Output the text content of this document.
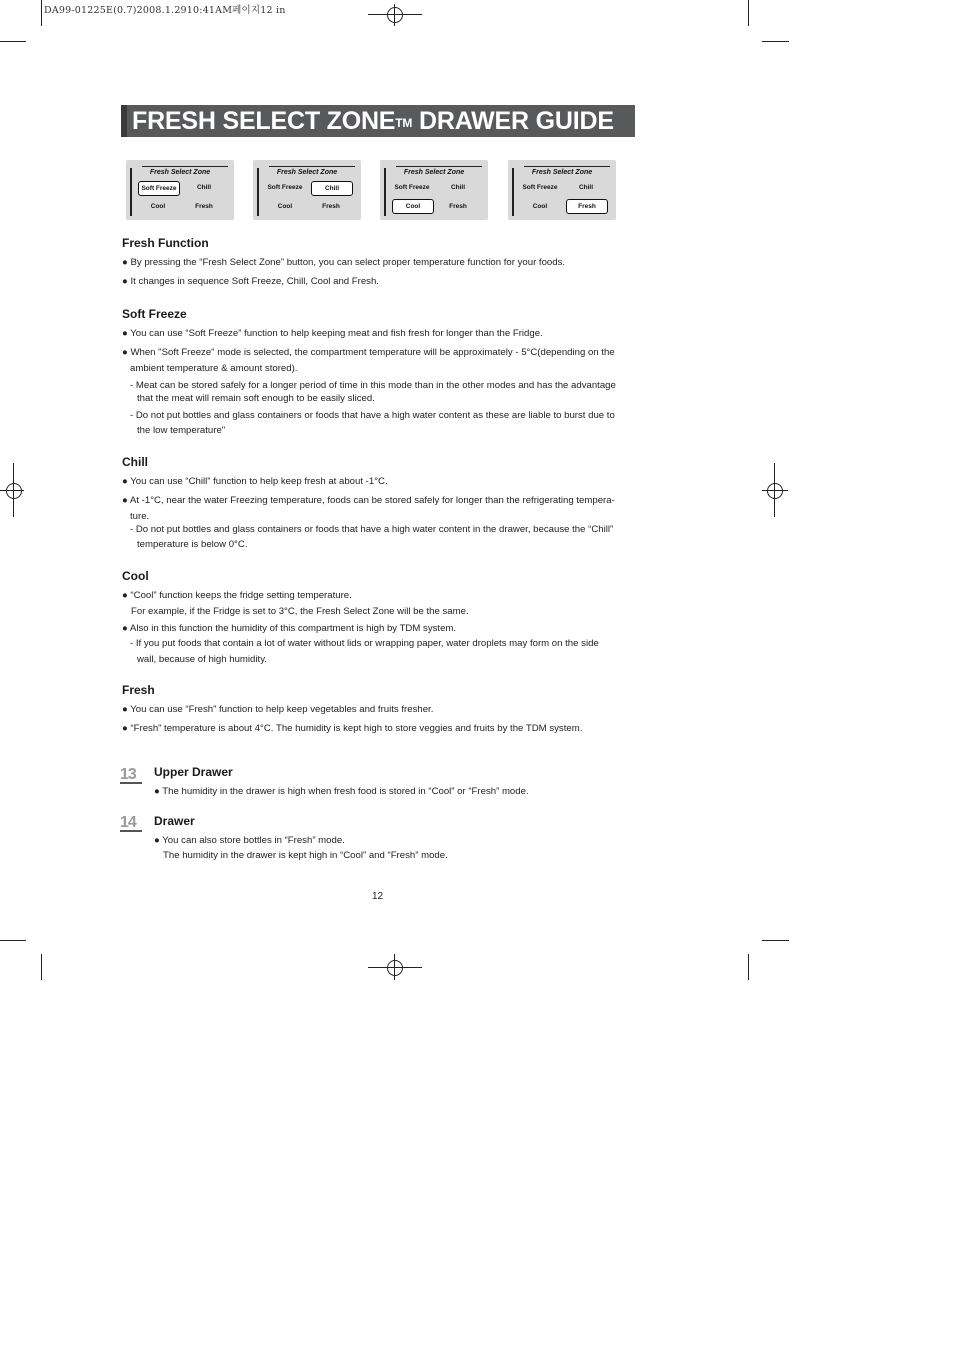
DA99-01225E(0.7)2008.1.2910:41AM페이지12 in
FRESH SELECT ZONE™ DRAWER GUIDE
Fresh Select Zone
Soft Freeze	Chill
Cool	Fresh
Fresh Select Zone
Soft Freeze	Chill
Cool	Fresh
Fresh Select Zone
Soft Freeze	Chill
Cool	Fresh
Fresh Select Zone
Soft Freeze	Chill
Cool	Fresh
Fresh Function
● By pressing the “Fresh Select Zone” button, you can select proper temperature function for your foods.
● It changes in sequence Soft Freeze, Chill, Cool and Fresh.
Soft Freeze
● You can use “Soft Freeze” function to help keeping meat and fish fresh for longer than the Fridge.
● When "Soft Freeze" mode is selected, the compartment temperature will be approximately - 5°C(depending on the
ambient temperature & amount stored).
- Meat can be stored safely for a longer period of time in this mode than in the other modes and has the advantage
that the meat will remain soft enough to be easily sliced.
- Do not put bottles and glass containers or foods that have a high water content as these are liable to burst due to
the low temperature"
Chill
● You can use “Chill” function to help keep fresh at about -1°C.
● At -1°C, near the water Freezing temperature, foods can be stored safely for longer than the refrigerating tempera-
ture.
- Do not put bottles and glass containers or foods that have a high water content in the drawer, because the “Chill”
temperature is below 0°C.
Cool
● “Cool” function keeps the fridge setting temperature.
For example, if the Fridge is set to 3°C, the Fresh Select Zone will be the same.
● Also in this function the humidity of this compartment is high by TDM system.
- If you put foods that contain a lot of water without lids or wrapping paper, water droplets may form on the side
wall, because of high humidity.
Fresh
● You can use “Fresh” function to help keep vegetables and fruits fresher.
● “Fresh” temperature is about 4°C. The humidity is kept high to store veggies and fruits by the TDM system.
13	Upper Drawer
● The humidity in the drawer is high when fresh food is stored in “Cool” or “Fresh” mode.
14	Drawer
● You can also store bottles in “Fresh” mode.
The humidity in the drawer is kept high in “Cool” and “Fresh” mode.
12
